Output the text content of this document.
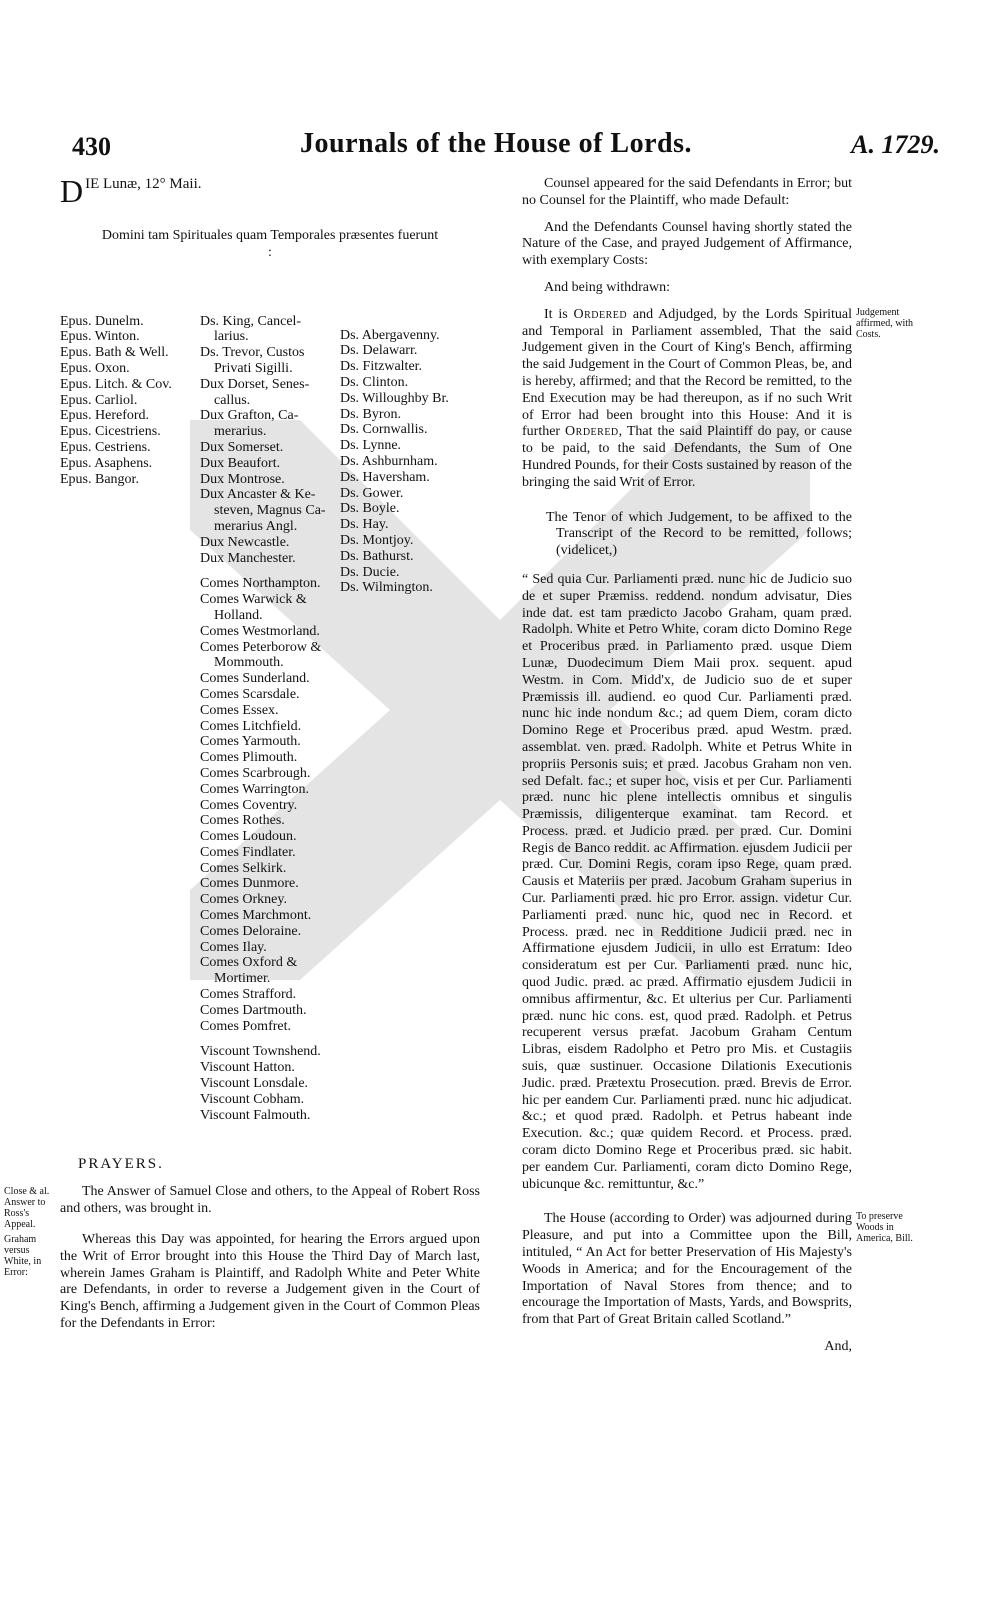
430	Journals of the House of Lords.	A. 1729.
D IE Lunæ, 12° Maii.
Domini tam Spirituales quam Temporales præsentes fuerunt :
Epus. Dunelm.
Epus. Winton.
Epus. Bath & Well.
Epus. Oxon.
Epus. Litch. & Cov.
Epus. Carliol.
Epus. Hereford.
Epus. Cicestriens.
Epus. Cestriens.
Epus. Asaphens.
Epus. Bangor.
Ds. King, Cancel-
larius.
Ds. Trevor, Custos
Privati Sigilli.
Dux Dorset, Senes-
callus.
Dux Grafton, Ca-
merarius.
Dux Somerset.
Dux Beaufort.
Dux Montrose.
Dux Ancaster & Ke-
steven, Magnus Ca-
merarius Angl.
Dux Newcastle.
Dux Manchester.
Comes Northampton.
Comes Warwick &
Holland.
Comes Westmorland.
Comes Peterborow &
Mommouth.
Comes Sunderland.
Comes Scarsdale.
Comes Essex.
Comes Litchfield.
Comes Yarmouth.
Comes Plimouth.
Comes Scarbrough.
Comes Warrington.
Comes Coventry.
Comes Rothes.
Comes Loudoun.
Comes Findlater.
Comes Selkirk.
Comes Dunmore.
Comes Orkney.
Comes Marchmont.
Comes Deloraine.
Comes Ilay.
Comes Oxford &
Mortimer.
Comes Strafford.
Comes Dartmouth.
Comes Pomfret.
Viscount Townshend.
Viscount Hatton.
Viscount Lonsdale.
Viscount Cobham.
Viscount Falmouth.
Ds. Abergavenny.
Ds. Delawarr.
Ds. Fitzwalter.
Ds. Clinton.
Ds. Willoughby Br.
Ds. Byron.
Ds. Cornwallis.
Ds. Lynne.
Ds. Ashburnham.
Ds. Haversham.
Ds. Gower.
Ds. Boyle.
Ds. Hay.
Ds. Montjoy.
Ds. Bathurst.
Ds. Ducie.
Ds. Wilmington.
PRAYERS.
Close & al. Answer to Ross's Appeal.

The Answer of Samuel Close and others, to the Appeal of Robert Ross and others, was brought in.

Graham versus White, in Error:

Whereas this Day was appointed, for hearing the Errors argued upon the Writ of Error brought into this House the Third Day of March last, wherein James Graham is Plaintiff, and Radolph White and Peter White are Defendants, in order to reverse a Judgement given in the Court of King's Bench, affirming a Judgement given in the Court of Common Pleas for the Defendants in Error:

Counsel appeared for the said Defendants in Error; but no Counsel for the Plaintiff, who made Default:

And the Defendants Counsel having shortly stated the Nature of the Case, and prayed Judgement of Affirmance, with exemplary Costs:

And being withdrawn:

Judgement affirmed, with Costs.

It is Ordered and Adjudged, by the Lords Spiritual and Temporal in Parliament assembled, That the said Judgement given in the Court of King's Bench, affirming the said Judgement in the Court of Common Pleas, be, and is hereby, affirmed; and that the Record be remitted, to the End Execution may be had thereupon, as if no such Writ of Error had been brought into this House: And it is further Ordered, That the said Plaintiff do pay, or cause to be paid, to the said Defendants, the Sum of One Hundred Pounds, for their Costs sustained by reason of the bringing the said Writ of Error.

The Tenor of which Judgement, to be affixed to the Transcript of the Record to be remitted, follows; (videlicet,)

“ Sed quia Cur. Parliamenti præd. nunc hic de Judicio suo de et super Præmiss. reddend. nondum advisatur, Dies inde dat. est tam prædicto Jacobo Graham, quam præd. Radolph. White et Petro White, coram dicto Domino Rege et Proceribus præd. in Parliamento præd. usque Diem Lunæ, Duodecimum Diem Maii prox. sequent. apud Westm. in Com. Midd'x, de Judicio suo de et super Præmissis ill. audiend. eo quod Cur. Parliamenti præd. nunc hic inde nondum &c.; ad quem Diem, coram dicto Domino Rege et Proceribus præd. apud Westm. præd. assemblat. ven. præd. Radolph. White et Petrus White in propriis Personis suis; et præd. Jacobus Graham non ven. sed Defalt. fac.; et super hoc, visis et per Cur. Parliamenti præd. nunc hic plene intellectis omnibus et singulis Præmissis, diligenterque examinat. tam Record. et Process. præd. et Judicio præd. per præd. Cur. Domini Regis de Banco reddit. ac Affirmation. ejusdem Judicii per præd. Cur. Domini Regis, coram ipso Rege, quam præd. Causis et Materiis per præd. Jacobum Graham superius in Cur. Parliamenti præd. hic pro Error. assign. videtur Cur. Parliamenti præd. nunc hic, quod nec in Record. et Process. præd. nec in Redditione Judicii præd. nec in Affirmatione ejusdem Judicii, in ullo est Erratum: Ideo consideratum est per Cur. Parliamenti præd. nunc hic, quod Judic. præd. ac præd. Affirmatio ejusdem Judicii in omnibus affirmentur, &c. Et ulterius per Cur. Parliamenti præd. nunc hic cons. est, quod præd. Radolph. et Petrus recuperent versus præfat. Jacobum Graham Centum Libras, eisdem Radolpho et Petro pro Mis. et Custagiis suis, quæ sustinuer. Occasione Dilationis Executionis Judic. præd. Prætextu Prosecution. præd. Brevis de Error. hic per eandem Cur. Parliamenti præd. nunc hic adjudicat. &c.; et quod præd. Radolph. et Petrus habeant inde Execution. &c.; quæ quidem Record. et Process. præd. coram dicto Domino Rege et Proceribus præd. sic habit. per eandem Cur. Parliamenti, coram dicto Domino Rege, ubicunque &c. remittuntur, &c.”

To preserve Woods in America, Bill.

The House (according to Order) was adjourned during Pleasure, and put into a Committee upon the Bill, intituled, “ An Act for better Preservation of His Majesty's Woods in America; and for the Encouragement of the Importation of Naval Stores from thence; and to encourage the Importation of Masts, Yards, and Bowsprits, from that Part of Great Britain called Scotland.”

And,
